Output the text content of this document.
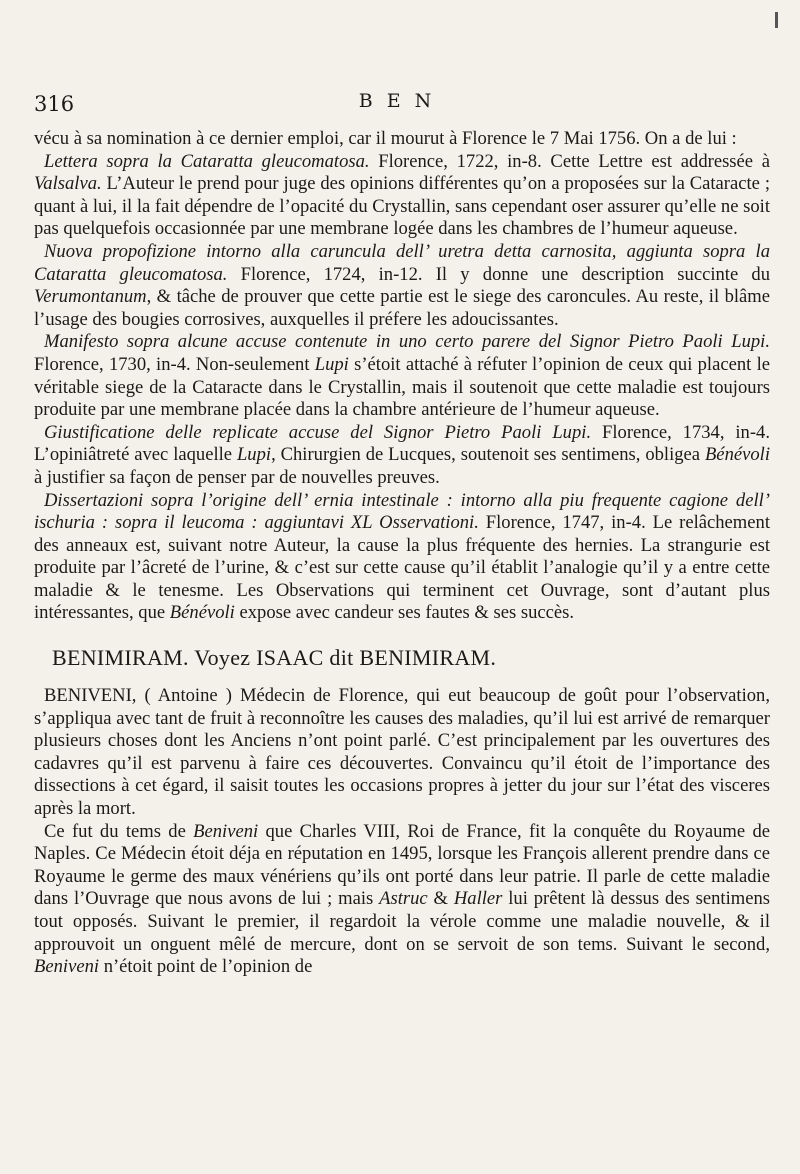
316	BEN

vécu à sa nomination à ce dernier emploi, car il mourut à Florence le 7 Mai 1756. On a de lui :

Lettera sopra la Cataratta gleucomatosa. Florence, 1722, in-8. Cette Lettre est addressée à Valsalva. L’Auteur le prend pour juge des opinions différentes qu’on a proposées sur la Cataracte ; quant à lui, il la fait dépendre de l’opacité du Crystallin, sans cependant oser assurer qu’elle ne soit pas quelquefois occasionnée par une membrane logée dans les chambres de l’humeur aqueuse.

Nuova propofizione intorno alla caruncula dell’ uretra detta carnosita, aggiunta sopra la Cataratta gleucomatosa. Florence, 1724, in-12. Il y donne une description succinte du Verumontanum, & tâche de prouver que cette partie est le siege des caroncules. Au reste, il blâme l’usage des bougies corrosives, auxquelles il préfere les adoucissantes.

Manifesto sopra alcune accuse contenute in uno certo parere del Signor Pietro Paoli Lupi. Florence, 1730, in-4. Non-seulement Lupi s’étoit attaché à réfuter l’opinion de ceux qui placent le véritable siege de la Cataracte dans le Crystallin, mais il soutenoit que cette maladie est toujours produite par une membrane placée dans la chambre antérieure de l’humeur aqueuse.

Giustificatione delle replicate accuse del Signor Pietro Paoli Lupi. Florence, 1734, in-4. L’opiniâtreté avec laquelle Lupi, Chirurgien de Lucques, soutenoit ses sentimens, obligea Bénévoli à justifier sa façon de penser par de nouvelles preuves.

Dissertazioni sopra l’origine dell’ ernia intestinale : intorno alla piu frequente cagione dell’ ischuria : sopra il leucoma : aggiuntavi XL Osservationi. Florence, 1747, in-4. Le relâchement des anneaux est, suivant notre Auteur, la cause la plus fréquente des hernies. La strangurie est produite par l’âcreté de l’urine, & c’est sur cette cause qu’il établit l’analogie qu’il y a entre cette maladie & le tenesme. Les Observations qui terminent cet Ouvrage, sont d’autant plus intéressantes, que Bénévoli expose avec candeur ses fautes & ses succès.

BENIMIRAM. Voyez ISAAC dit BENIMIRAM.

BENIVENI, ( Antoine ) Médecin de Florence, qui eut beaucoup de goût pour l’observation, s’appliqua avec tant de fruit à reconnoître les causes des maladies, qu’il lui est arrivé de remarquer plusieurs choses dont les Anciens n’ont point parlé. C’est principalement par les ouvertures des cadavres qu’il est parvenu à faire ces découvertes. Convaincu qu’il étoit de l’importance des dissections à cet égard, il saisit toutes les occasions propres à jetter du jour sur l’état des visceres après la mort.

Ce fut du tems de Beniveni que Charles VIII, Roi de France, fit la conquête du Royaume de Naples. Ce Médecin étoit déja en réputation en 1495, lorsque les François allerent prendre dans ce Royaume le germe des maux vénériens qu’ils ont porté dans leur patrie. Il parle de cette maladie dans l’Ouvrage que nous avons de lui ; mais Astruc & Haller lui prêtent là dessus des sentimens tout opposés. Suivant le premier, il regardoit la vérole comme une maladie nouvelle, & il approuvoit un onguent mêlé de mercure, dont on se servoit de son tems. Suivant le second, Beniveni n’étoit point de l’opinion de
